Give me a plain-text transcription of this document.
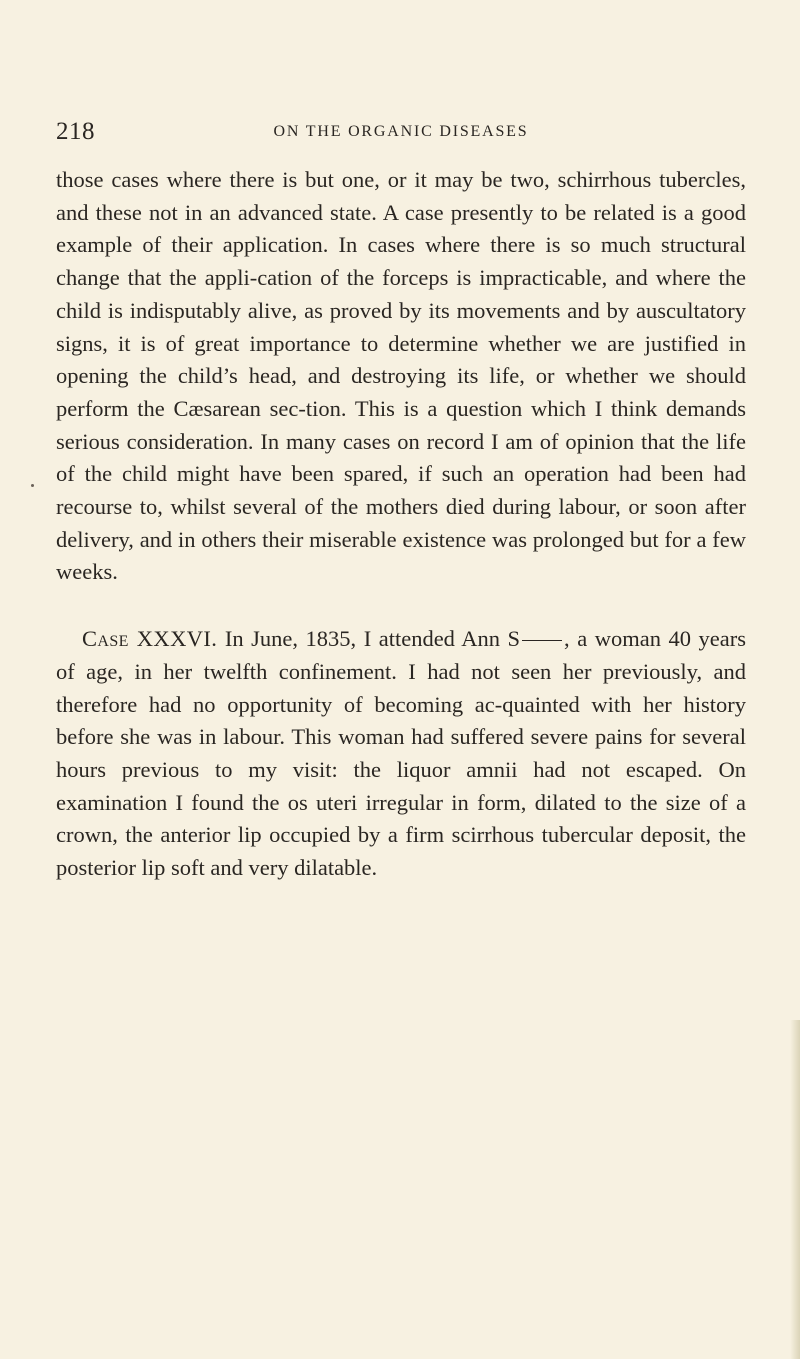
218	ON THE ORGANIC DISEASES

those cases where there is but one, or it may be two, schirrhous tubercles, and these not in an advanced state. A case presently to be related is a good example of their application. In cases where there is so much structural change that the appli-cation of the forceps is impracticable, and where the child is indisputably alive, as proved by its movements and by auscultatory signs, it is of great importance to determine whether we are justified in opening the child’s head, and destroying its life, or whether we should perform the Cæsarean sec-tion. This is a question which I think demands serious consideration. In many cases on record I am of opinion that the life of the child might have been spared, if such an operation had been had recourse to, whilst several of the mothers died during labour, or soon after delivery, and in others their miserable existence was prolonged but for a few weeks.

Case XXXVI. In June, 1835, I attended Ann S , a woman 40 years of age, in her twelfth confinement. I had not seen her previously, and therefore had no opportunity of becoming ac-quainted with her history before she was in labour. This woman had suffered severe pains for several hours previous to my visit: the liquor amnii had not escaped. On examination I found the os uteri irregular in form, dilated to the size of a crown, the anterior lip occupied by a firm scirrhous tubercular deposit, the posterior lip soft and very dilatable.
